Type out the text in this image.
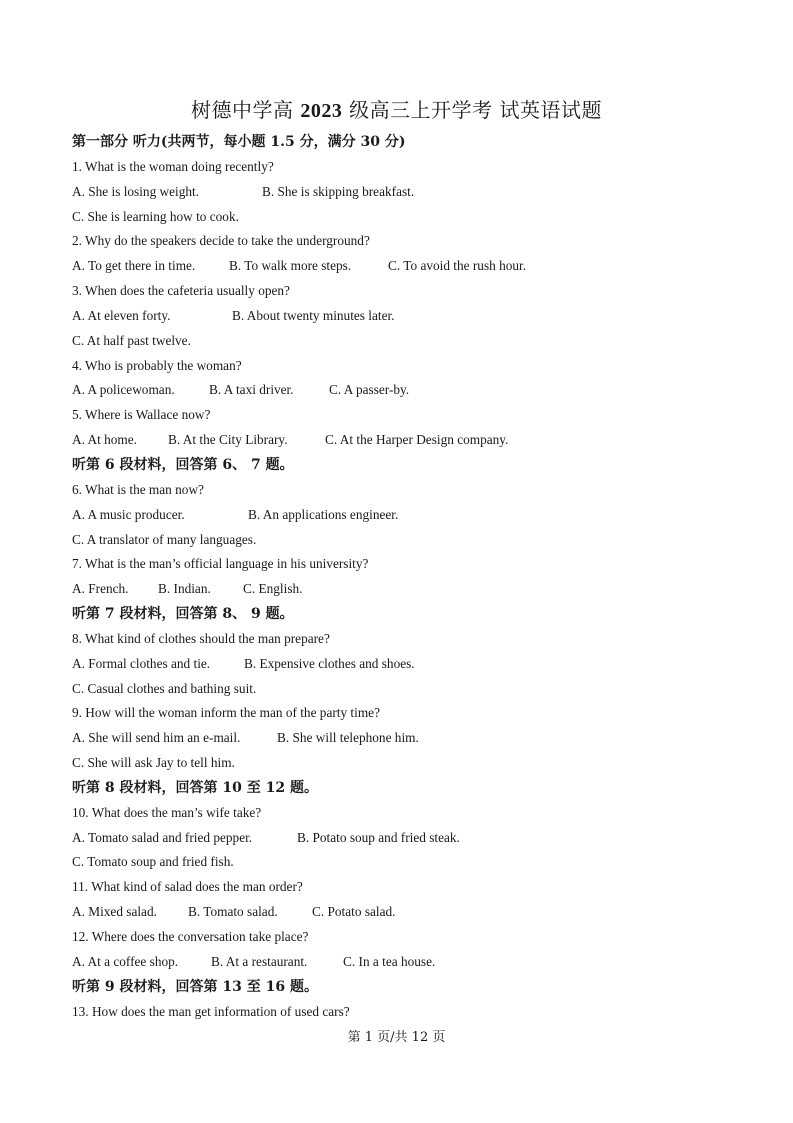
树德中学高 2023 级高三上开学考 试英语试题
第一部分 听力(共两节，每小题 1.5 分，满分 30 分)
1. What is the woman doing recently?
A. She is losing weight.	B. She is skipping breakfast.
C. She is learning how to cook.
2. Why do the speakers decide to take the underground?
A. To get there in time.	B. To walk more steps.	C. To avoid the rush hour.
3. When does the cafeteria usually open?
A. At eleven forty.	B. About twenty minutes later.
C. At half past twelve.
4. Who is probably the woman?
A. A policewoman.	B. A taxi driver.	C. A passer-by.
5. Where is Wallace now?
A. At home. B. At the City Library.	C. At the Harper Design company.
听第 6 段材料，回答第 6、 7 题。
6. What is the man now?
A. A music producer.	B. An applications engineer.
C. A translator of many languages.
7. What is the man’s official language in his university?
A. French. B. Indian. C. English.
听第 7 段材料，回答第 8、 9 题。
8. What kind of clothes should the man prepare?
A. Formal clothes and tie.	B. Expensive clothes and shoes.
C. Casual clothes and bathing suit.
9. How will the woman inform the man of the party time?
A. She will send him an e-mail.	B. She will telephone him.
C. She will ask Jay to tell him.
听第 8 段材料，回答第 10 至 12 题。
10. What does the man’s wife take?
A. Tomato salad and fried pepper.	B. Potato soup and fried steak.
C. Tomato soup and fried fish.
11. What kind of salad does the man order?
A. Mixed salad. B. Tomato salad.	C. Potato salad.
12. Where does the conversation take place?
A. At a coffee shop. B. At a restaurant.	C. In a tea house.
听第 9 段材料，回答第 13 至 16 题。
13. How does the man get information of used cars?
第 1 页/共 12 页
